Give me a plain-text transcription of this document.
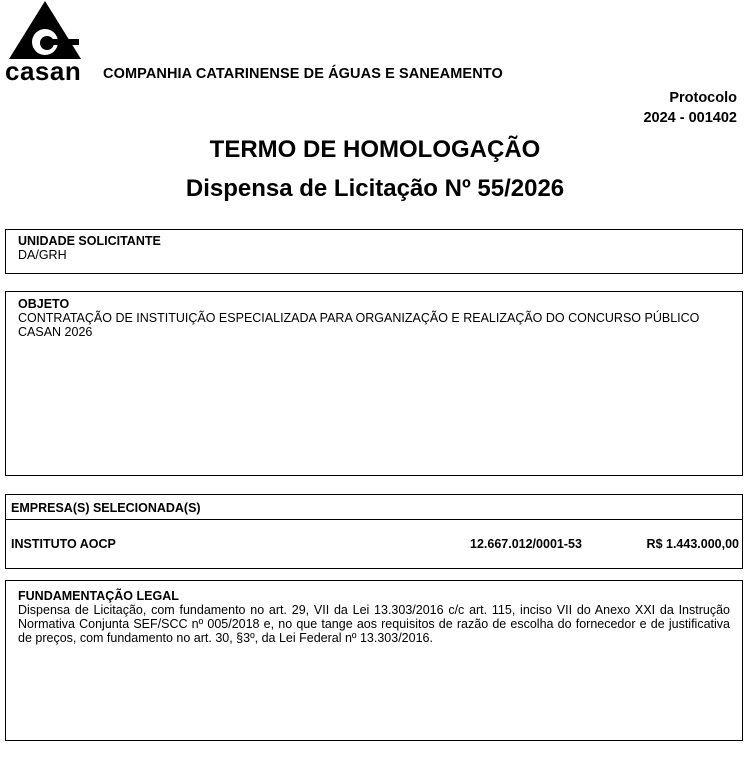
casan COMPANHIA CATARINENSE DE ÁGUAS E SANEAMENTO
Protocolo
2024 - 001402
TERMO DE HOMOLOGAÇÃO
Dispensa de Licitação Nº 55/2026
UNIDADE SOLICITANTE
DA/GRH
OBJETO
CONTRATAÇÃO DE INSTITUIÇÃO ESPECIALIZADA PARA ORGANIZAÇÃO E REALIZAÇÃO DO CONCURSO PÚBLICO CASAN 2026
EMPRESA(S) SELECIONADA(S)
INSTITUTO AOCP	12.667.012/0001-53	R$ 1.443.000,00
FUNDAMENTAÇÃO LEGAL
Dispensa de Licitação, com fundamento no art. 29, VII da Lei 13.303/2016 c/c art. 115, inciso VII do Anexo XXI da Instrução Normativa Conjunta SEF/SCC nº 005/2018 e, no que tange aos requisitos de razão de escolha do fornecedor e de justificativa de preços, com fundamento no art. 30, §3º, da Lei Federal nº 13.303/2016.
